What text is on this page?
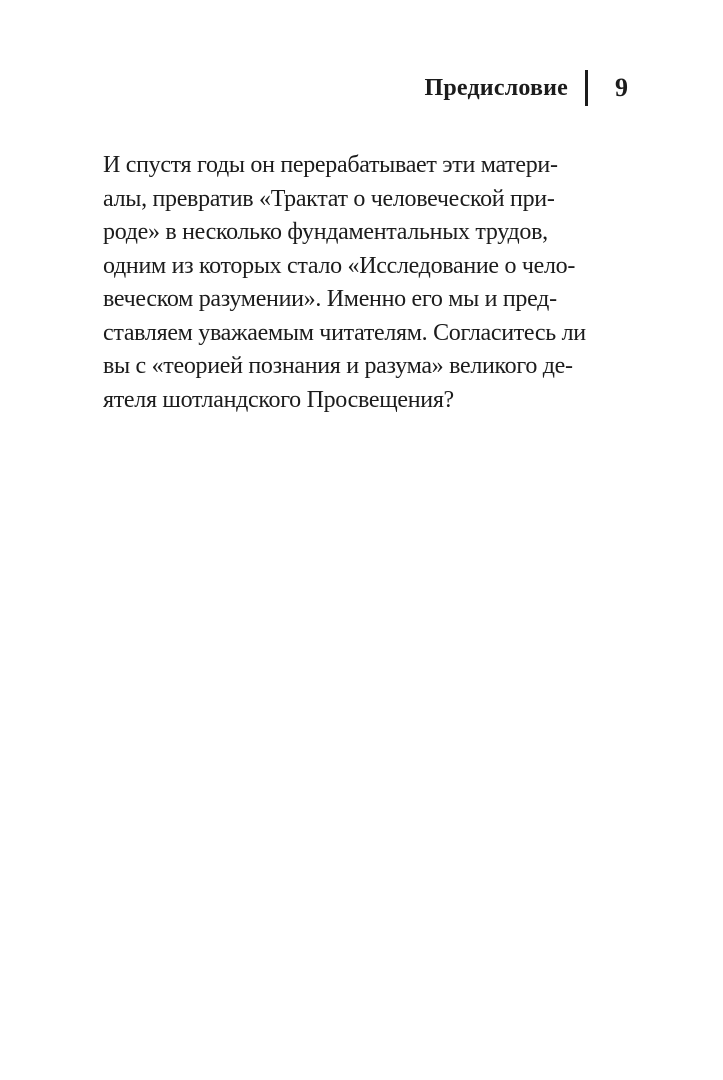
Предисловие 9
И спустя годы он перерабатывает эти матери-
алы, превратив «Трактат о человеческой при-
роде» в несколько фундаментальных трудов,
одним из которых стало «Исследование о чело-
веческом разумении». Именно его мы и пред-
ставляем уважаемым читателям. Согласитесь ли
вы с «теорией познания и разума» великого де-
ятеля шотландского Просвещения?
